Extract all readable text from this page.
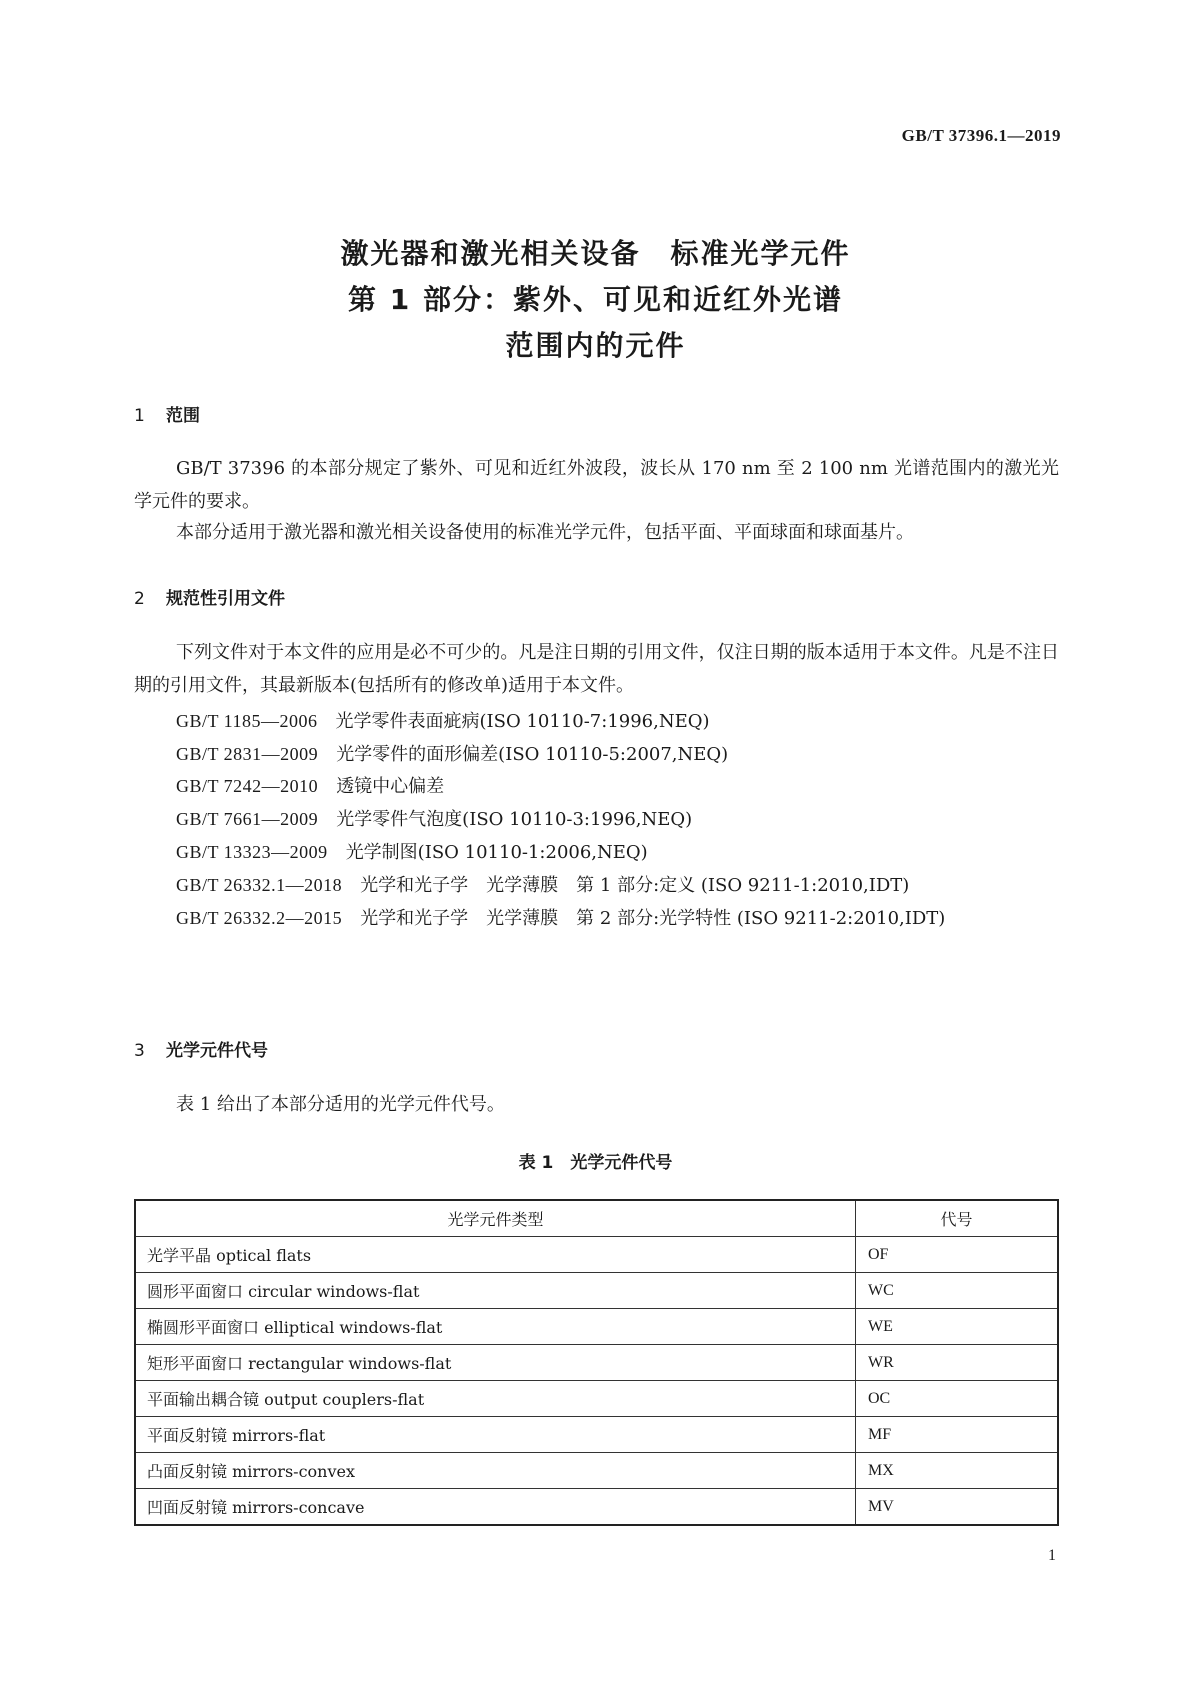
GB/T 37396.1—2019
激光器和激光相关设备　标准光学元件
第 1 部分：紫外、可见和近红外光谱
范围内的元件
1 范围
GB/T 37396 的本部分规定了紫外、可见和近红外波段，波长从 170 nm 至 2 100 nm 光谱范围内的激光光学元件的要求。
本部分适用于激光器和激光相关设备使用的标准光学元件，包括平面、平面球面和球面基片。
2 规范性引用文件
下列文件对于本文件的应用是必不可少的。凡是注日期的引用文件，仅注日期的版本适用于本文件。凡是不注日期的引用文件，其最新版本(包括所有的修改单)适用于本文件。
GB/T 1185—2006　 光学零件表面疵病(ISO 10110-7:1996,NEQ)
GB/T 2831—2009　 光学零件的面形偏差(ISO 10110-5:2007,NEQ)
GB/T 7242—2010　 透镜中心偏差
GB/T 7661—2009　 光学零件气泡度(ISO 10110-3:1996,NEQ)
GB/T 13323—2009　 光学制图(ISO 10110-1:2006,NEQ)
GB/T 26332.1—2018　 光学和光子学　光学薄膜　第 1 部分:定义 (ISO 9211-1:2010,IDT)
GB/T 26332.2—2015　 光学和光子学　光学薄膜　第 2 部分:光学特性 (ISO 9211-2:2010,IDT)
3 光学元件代号
表 1 给出了本部分适用的光学元件代号。
表 1　光学元件代号
光学元件类型	代号
光学平晶 optical flats	OF
圆形平面窗口 circular windows-flat	WC
椭圆形平面窗口 elliptical windows-flat	WE
矩形平面窗口 rectangular windows-flat	WR
平面输出耦合镜 output couplers-flat	OC
平面反射镜 mirrors-flat	MF
凸面反射镜 mirrors-convex	MX
凹面反射镜 mirrors-concave	MV
1
